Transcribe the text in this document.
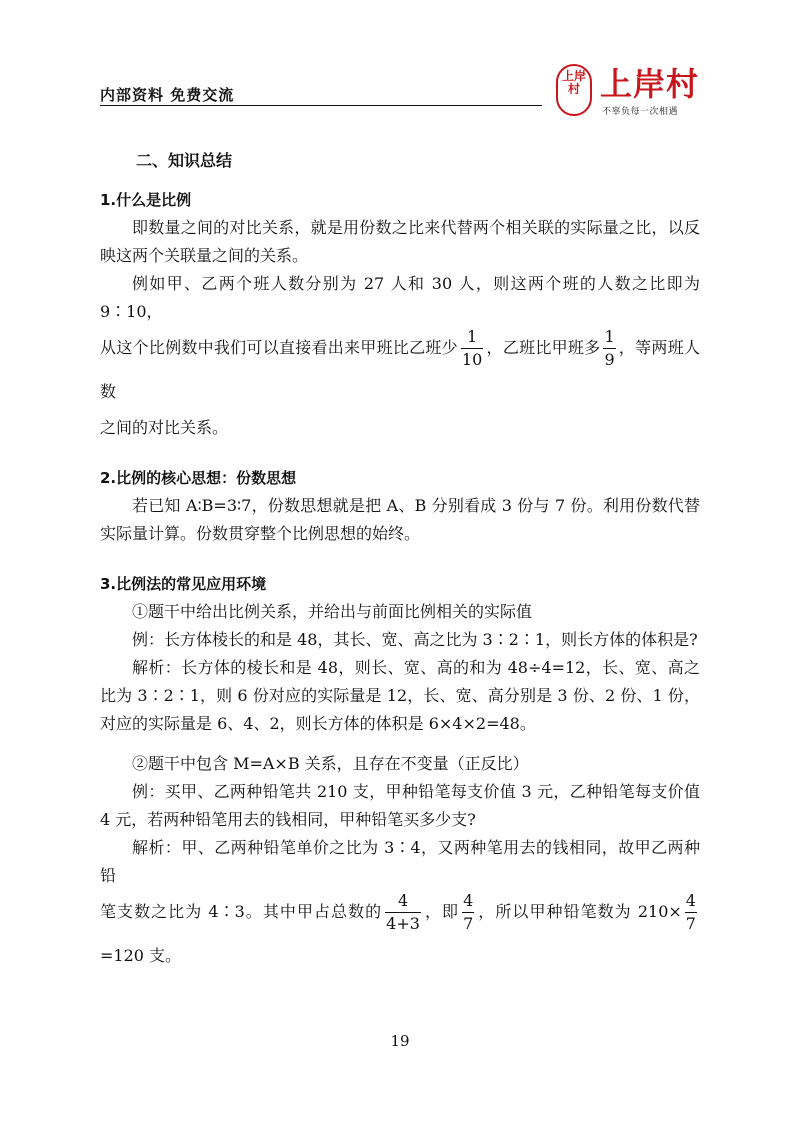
内部资料 免费交流
上岸村 上岸村
不辜负每一次相遇
二、知识总结
1.什么是比例

即数量之间的对比关系，就是用份数之比来代替两个相关联的实际量之比，以反映这两个关联量之间的关系。

例如甲、乙两个班人数分别为 27 人和 30 人，则这两个班的人数之比即为 9∶10，

从这个比例数中我们可以直接看出来甲班比乙班少 $\frac{1}{10}$ ，乙班比甲班多 $\frac{1}{9}$ ，等两班人数

之间的对比关系。

2.比例的核心思想：份数思想

若已知 A∶B=3∶7，份数思想就是把 A、B 分别看成 3 份与 7 份。利用份数代替实际量计算。份数贯穿整个比例思想的始终。

3.比例法的常见应用环境

①题干中给出比例关系，并给出与前面比例相关的实际值

例：长方体棱长的和是 48，其长、宽、高之比为 3∶2∶1，则长方体的体积是?

解析：长方体的棱长和是 48，则长、宽、高的和为 48÷4=12，长、宽、高之比为 3∶2∶1，则 6 份对应的实际量是 12，长、宽、高分别是 3 份、2 份、1 份，对应的实际量是 6、4、2，则长方体的体积是 6×4×2=48。

②题干中包含 M=A×B 关系，且存在不变量（正反比）

例：买甲、乙两种铅笔共 210 支，甲种铅笔每支价值 3 元，乙种铅笔每支价值 4 元，若两种铅笔用去的钱相同，甲种铅笔买多少支?

解析：甲、乙两种铅笔单价之比为 3∶4，又两种笔用去的钱相同，故甲乙两种铅

笔支数之比为 4∶3。其中甲占总数的 $\frac{4}{4+3}$ ，即 $\frac{4}{7}$ ，所以甲种铅笔数为 $210\times \frac{4}{7}$
=120 支。

19
